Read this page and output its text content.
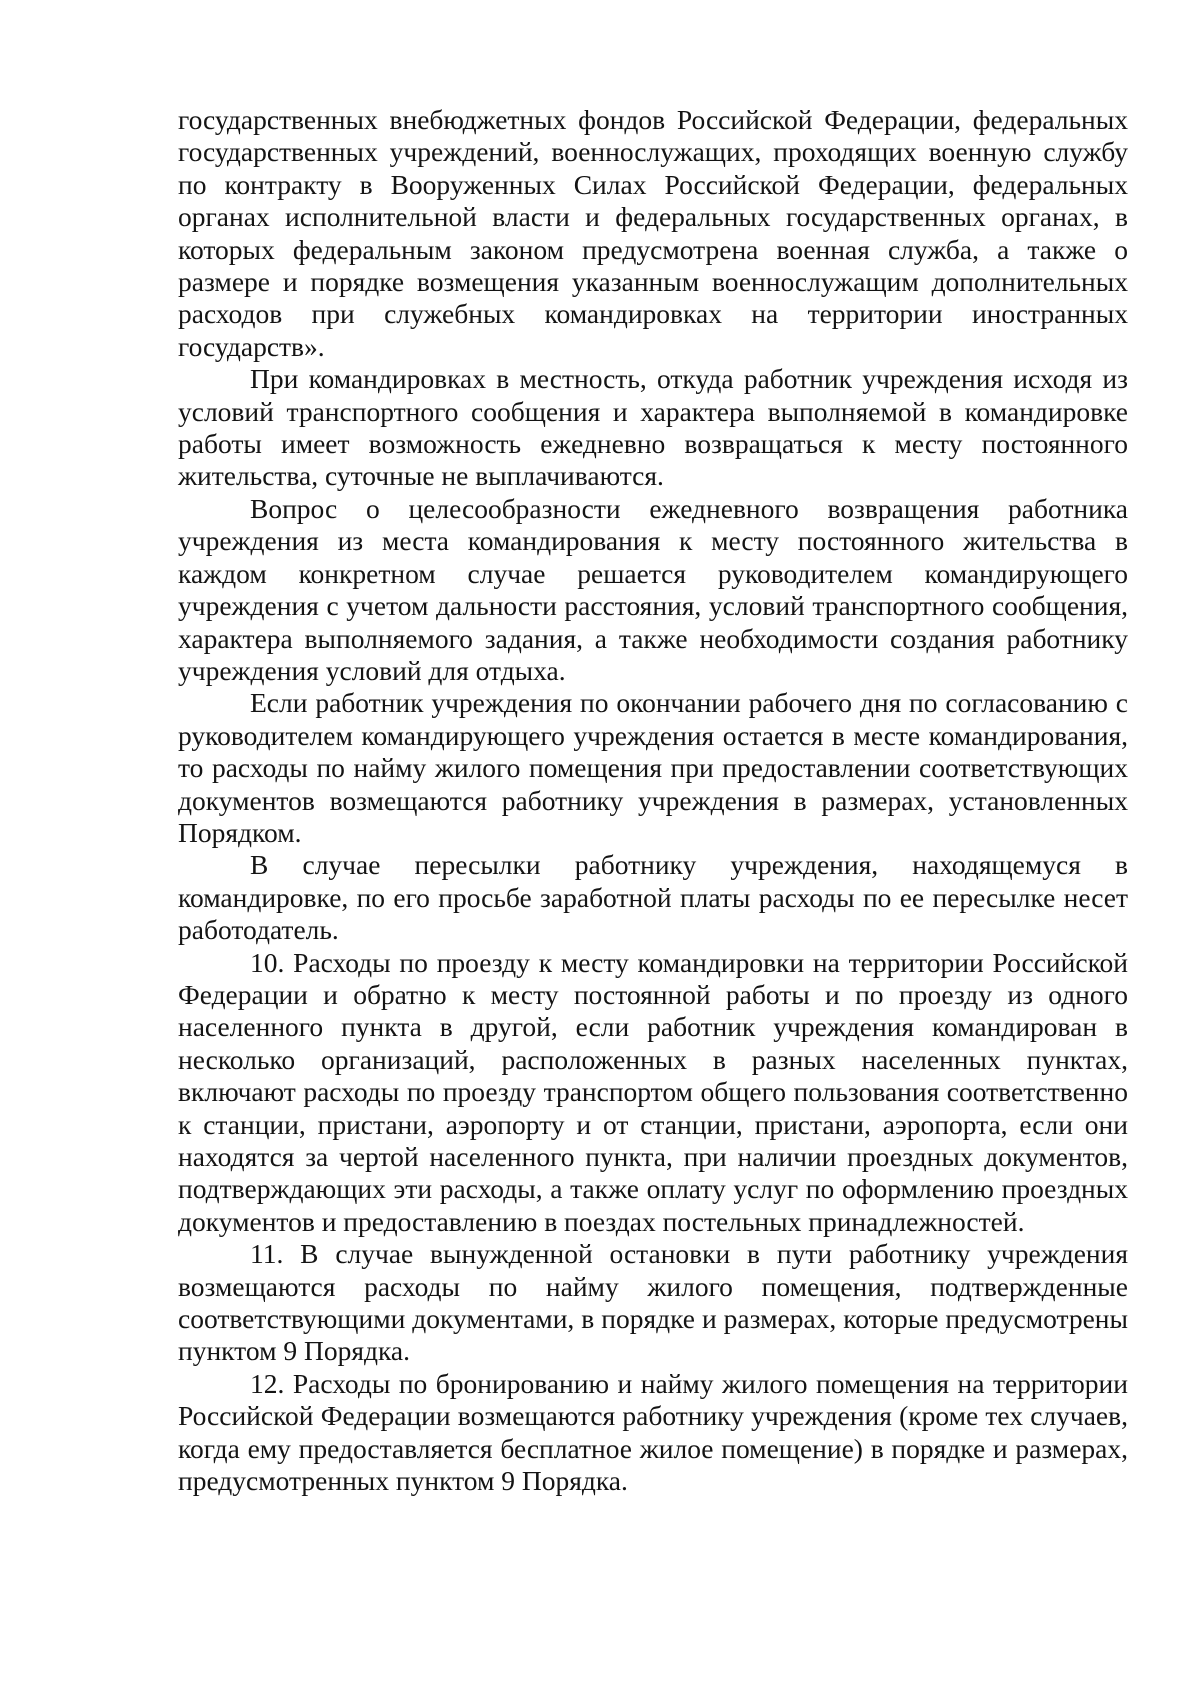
государственных внебюджетных фондов Российской Федерации, федеральных государственных учреждений, военнослужащих, проходящих военную службу по контракту в Вооруженных Силах Российской Федерации, федеральных органах исполнительной власти и федеральных государственных органах, в которых федеральным законом предусмотрена военная служба, а также о размере и порядке возмещения указанным военнослужащим дополнительных расходов при служебных командировках на территории иностранных государств».

При командировках в местность, откуда работник учреждения исходя из условий транспортного сообщения и характера выполняемой в командировке работы имеет возможность ежедневно возвращаться к месту постоянного жительства, суточные не выплачиваются.

Вопрос о целесообразности ежедневного возвращения работника учреждения из места командирования к месту постоянного жительства в каждом конкретном случае решается руководителем командирующего учреждения с учетом дальности расстояния, условий транспортного сообщения, характера выполняемого задания, а также необходимости создания работнику учреждения условий для отдыха.

Если работник учреждения по окончании рабочего дня по согласованию с руководителем командирующего учреждения остается в месте командирования, то расходы по найму жилого помещения при предоставлении соответствующих документов возмещаются работнику учреждения в размерах, установленных Порядком.

В случае пересылки работнику учреждения, находящемуся в командировке, по его просьбе заработной платы расходы по ее пересылке несет работодатель.

10. Расходы по проезду к месту командировки на территории Российской Федерации и обратно к месту постоянной работы и по проезду из одного населенного пункта в другой, если работник учреждения командирован в несколько организаций, расположенных в разных населенных пунктах, включают расходы по проезду транспортом общего пользования соответственно к станции, пристани, аэропорту и от станции, пристани, аэропорта, если они находятся за чертой населенного пункта, при наличии проездных документов, подтверждающих эти расходы, а также оплату услуг по оформлению проездных документов и предоставлению в поездах постельных принадлежностей.

11. В случае вынужденной остановки в пути работнику учреждения возмещаются расходы по найму жилого помещения, подтвержденные соответствующими документами, в порядке и размерах, которые предусмотрены пунктом 9 Порядка.

12. Расходы по бронированию и найму жилого помещения на территории Российской Федерации возмещаются работнику учреждения (кроме тех случаев, когда ему предоставляется бесплатное жилое помещение) в порядке и размерах, предусмотренных пунктом 9 Порядка.
